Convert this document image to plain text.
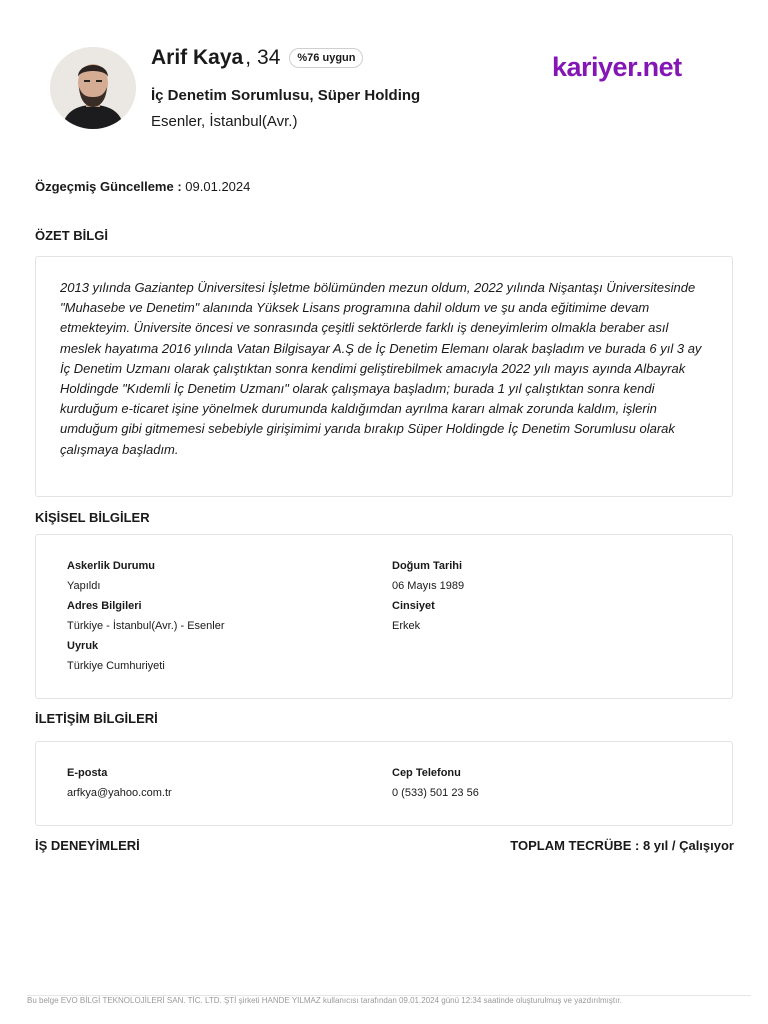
Arif Kaya , 34	%76 uygun
İç Denetim Sorumlusu, Süper Holding
Esenler, İstanbul(Avr.)
kariyer.net
Özgeçmiş Güncelleme : 09.01.2024
ÖZET BİLGİ
2013 yılında Gaziantep Üniversitesi İşletme bölümünden mezun oldum, 2022 yılında Nişantaşı Üniversitesinde "Muhasebe ve Denetim" alanında Yüksek Lisans programına dahil oldum ve şu anda eğitimime devam etmekteyim. Üniversite öncesi ve sonrasında çeşitli sektörlerde farklı iş deneyimlerim olmakla beraber asıl meslek hayatıma 2016 yılında Vatan Bilgisayar A.Ş de İç Denetim Elemanı olarak başladım ve burada 6 yıl 3 ay İç Denetim Uzmanı olarak çalıştıktan sonra kendimi geliştirebilmek amacıyla 2022 yılı mayıs ayında Albayrak Holdingde "Kıdemli İç Denetim Uzmanı" olarak çalışmaya başladım; burada 1 yıl çalıştıktan sonra kendi kurduğum e-ticaret işine yönelmek durumunda kaldığımdan ayrılma kararı almak zorunda kaldım, işlerin umduğum gibi gitmemesi sebebiyle girişimimi yarıda bırakıp Süper Holdingde İç Denetim Sorumlusu olarak çalışmaya başladım.
KİŞİSEL BİLGİLER
Askerlik Durumu
Yapıldı
Adres Bilgileri
Türkiye - İstanbul(Avr.) - Esenler
Uyruk
Türkiye Cumhuriyeti
Doğum Tarihi
06 Mayıs 1989
Cinsiyet
Erkek
İLETİŞİM BİLGİLERİ
E-posta
arfkya@yahoo.com.tr
Cep Telefonu
0 (533) 501 23 56
İŞ DENEYİMLERİ	TOPLAM TECRÜBE : 8 yıl / Çalışıyor
Bu belge EVO BİLGİ TEKNOLOJİLERİ SAN. TİC. LTD. ŞTİ şirketi HANDE YILMAZ kullanıcısı tarafından 09.01.2024 günü 12:34 saatinde oluşturulmuş ve yazdırılmıştır.
